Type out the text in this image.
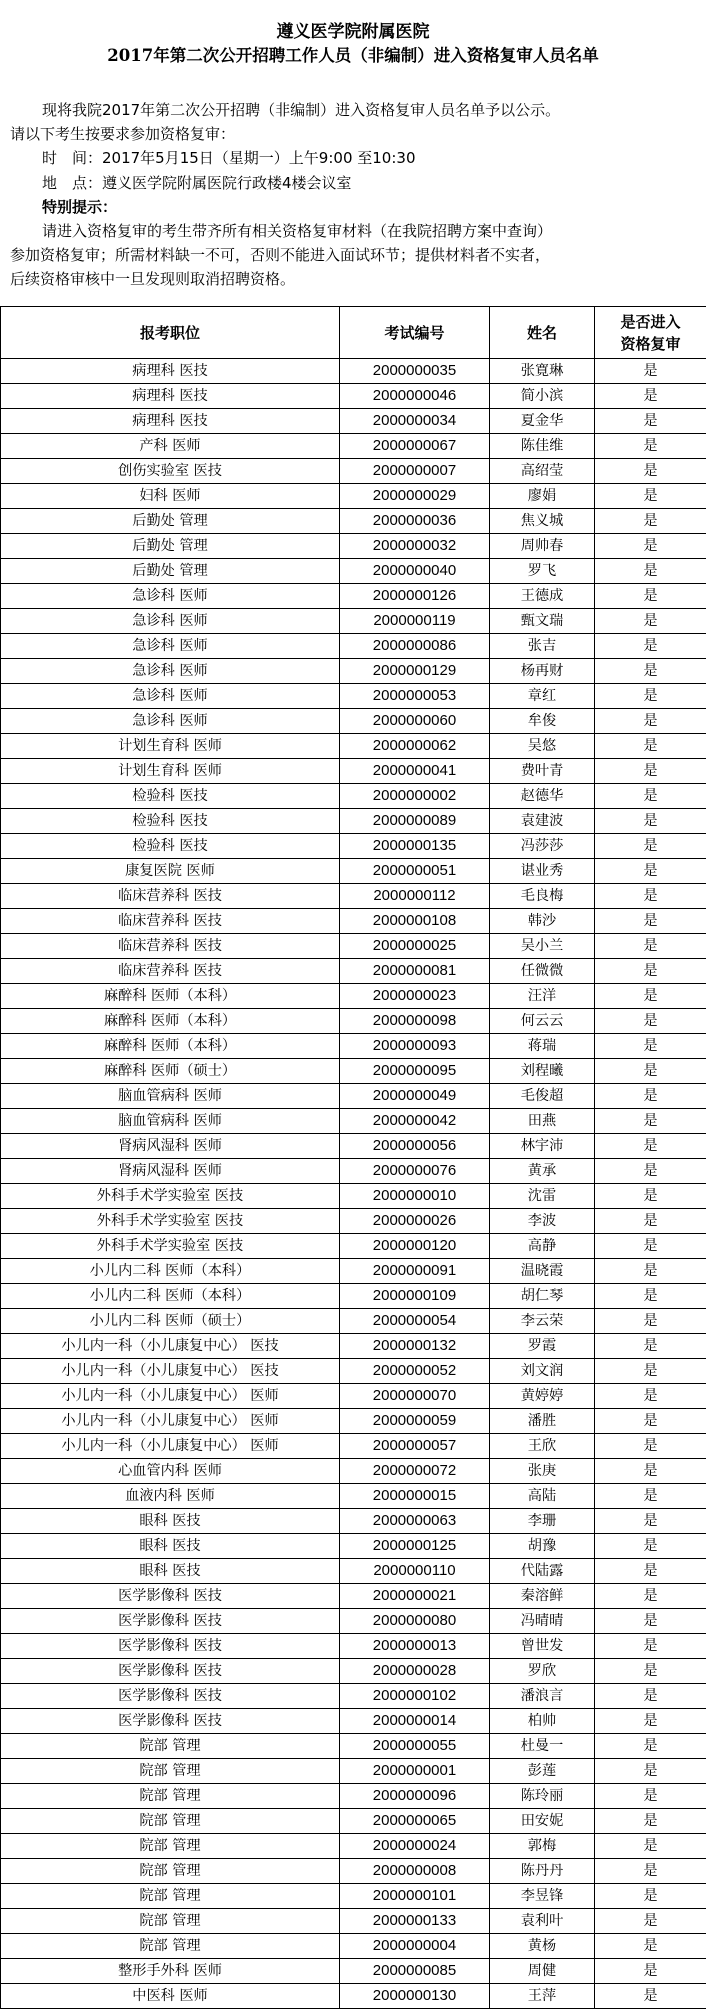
遵义医学院附属医院
2017年第二次公开招聘工作人员（非编制）进入资格复审人员名单

现将我院2017年第二次公开招聘（非编制）进入资格复审人员名单予以公示。

请以下考生按要求参加资格复审：

时　间：2017年5月15日（星期一）上午9:00 至10:30

地　点：遵义医学院附属医院行政楼4楼会议室

特别提示：

请进入资格复审的考生带齐所有相关资格复审材料（在我院招聘方案中查询）

参加资格复审；所需材料缺一不可，否则不能进入面试环节；提供材料者不实者，

后续资格审核中一旦发现则取消招聘资格。

报考职位	考试编号	姓名	是否进入
资格复审
病理科 医技	2000000035	张寛琳	是
病理科 医技	2000000046	简小滨	是
病理科 医技	2000000034	夏金华	是
产科 医师	2000000067	陈佳维	是
创伤实验室 医技	2000000007	高绍莹	是
妇科 医师	2000000029	廖娟	是
后勤处 管理	2000000036	焦义城	是
后勤处 管理	2000000032	周帅春	是
后勤处 管理	2000000040	罗飞	是
急诊科 医师	2000000126	王德成	是
急诊科 医师	2000000119	甄文瑞	是
急诊科 医师	2000000086	张吉	是
急诊科 医师	2000000129	杨再财	是
急诊科 医师	2000000053	章红	是
急诊科 医师	2000000060	牟俊	是
计划生育科 医师	2000000062	吴悠	是
计划生育科 医师	2000000041	费叶青	是
检验科 医技	2000000002	赵德华	是
检验科 医技	2000000089	袁建波	是
检验科 医技	2000000135	冯莎莎	是
康复医院 医师	2000000051	谌业秀	是
临床营养科 医技	2000000112	毛良梅	是
临床营养科 医技	2000000108	韩沙	是
临床营养科 医技	2000000025	吴小兰	是
临床营养科 医技	2000000081	任微微	是
麻醉科 医师（本科）	2000000023	汪洋	是
麻醉科 医师（本科）	2000000098	何云云	是
麻醉科 医师（本科）	2000000093	蒋瑞	是
麻醉科 医师（硕士）	2000000095	刘程曦	是
脑血管病科 医师	2000000049	毛俊超	是
脑血管病科 医师	2000000042	田燕	是
肾病风湿科 医师	2000000056	林宇沛	是
肾病风湿科 医师	2000000076	黄承	是
外科手术学实验室 医技	2000000010	沈雷	是
外科手术学实验室 医技	2000000026	李波	是
外科手术学实验室 医技	2000000120	高静	是
小儿内二科 医师（本科）	2000000091	温晓霞	是
小儿内二科 医师（本科）	2000000109	胡仁琴	是
小儿内二科 医师（硕士）	2000000054	李云荣	是
小儿内一科（小儿康复中心） 医技	2000000132	罗霞	是
小儿内一科（小儿康复中心） 医技	2000000052	刘文润	是
小儿内一科（小儿康复中心） 医师	2000000070	黄婷婷	是
小儿内一科（小儿康复中心） 医师	2000000059	潘胜	是
小儿内一科（小儿康复中心） 医师	2000000057	王欣	是
心血管内科 医师	2000000072	张庚	是
血液内科 医师	2000000015	高陆	是
眼科 医技	2000000063	李珊	是
眼科 医技	2000000125	胡豫	是
眼科 医技	2000000110	代陆露	是
医学影像科 医技	2000000021	秦溶鲜	是
医学影像科 医技	2000000080	冯晴晴	是
医学影像科 医技	2000000013	曾世发	是
医学影像科 医技	2000000028	罗欣	是
医学影像科 医技	2000000102	潘浪言	是
医学影像科 医技	2000000014	柏帅	是
院部 管理	2000000055	杜曼一	是
院部 管理	2000000001	彭莲	是
院部 管理	2000000096	陈玲丽	是
院部 管理	2000000065	田安妮	是
院部 管理	2000000024	郭梅	是
院部 管理	2000000008	陈丹丹	是
院部 管理	2000000101	李昱锋	是
院部 管理	2000000133	袁利叶	是
院部 管理	2000000004	黄杨	是
整形手外科 医师	2000000085	周健	是
中医科 医师	2000000130	王萍	是
